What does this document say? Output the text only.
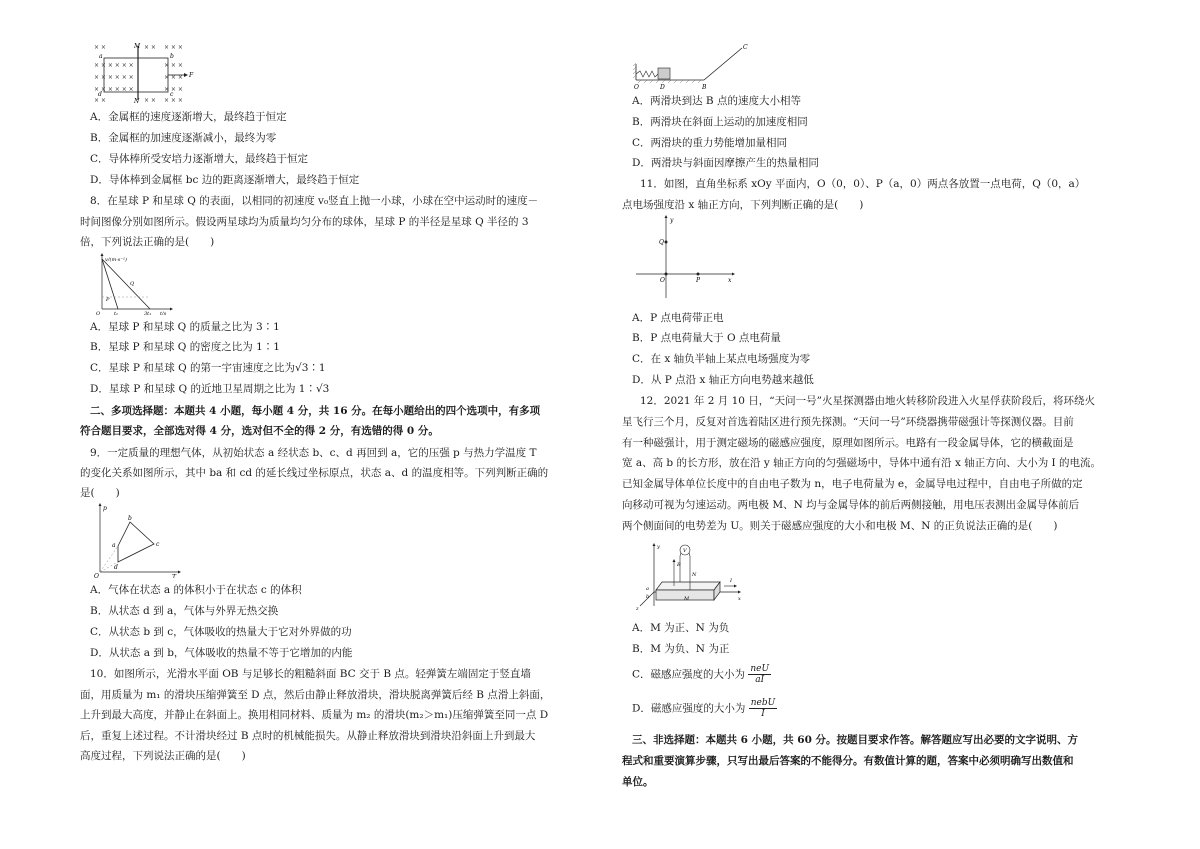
× ×	× × × × ×
× × × × × ×	× × ×
× × × × × ×	× × ×
× × × × × ×	× × ×
× ×	× × × × ×
M
N
a	b
c
d
F
A．金属框的速度逐渐增大，最终趋于恒定
B．金属框的加速度逐渐减小，最终为零
C．导体棒所受安培力逐渐增大，最终趋于恒定
D．导体棒到金属框 bc 边的距离逐渐增大，最终趋于恒定
8．在星球 P 和星球 Q 的表面，以相同的初速度 v₀竖直上抛一小球，小球在空中运动时的速度－
时间图像分别如图所示。假设两星球均为质量均匀分布的球体，星球 P 的半径是星球 Q 半径的 3
倍，下列说法正确的是(　　)
v/(m·s⁻¹)
O	t₁	3t₁
P
Q
t/s
A．星球 P 和星球 Q 的质量之比为 3∶1
B．星球 P 和星球 Q 的密度之比为 1∶1
C．星球 P 和星球 Q 的第一宇宙速度之比为√3∶1
D．星球 P 和星球 Q 的近地卫星周期之比为 1∶√3
二、多项选择题：本题共 4 小题，每小题 4 分，共 16 分。在每小题给出的四个选项中，有多项
符合题目要求，全部选对得 4 分，选对但不全的得 2 分，有选错的得 0 分。
9．一定质量的理想气体，从初始状态 a 经状态 b、c、d 再回到 a，它的压强 p 与热力学温度 T
的变化关系如图所示，其中 ba 和 cd 的延长线过坐标原点，状态 a、d 的温度相等。下列判断正确的
是(　　)
p
T
O
a
b
c
d
A．气体在状态 a 的体积小于在状态 c 的体积
B．从状态 d 到 a，气体与外界无热交换
C．从状态 b 到 c，气体吸收的热量大于它对外界做的功
D．从状态 a 到 b，气体吸收的热量不等于它增加的内能
10．如图所示，光滑水平面 OB 与足够长的粗糙斜面 BC 交于 B 点。轻弹簧左端固定于竖直墙
面，用质量为 m₁ 的滑块压缩弹簧至 D 点，然后由静止释放滑块，滑块脱离弹簧后经 B 点滑上斜面，
上升到最大高度，并静止在斜面上。换用相同材料、质量为 m₂ 的滑块(m₂＞m₁)压缩弹簧至同一点 D
后，重复上述过程。不计滑块经过 B 点时的机械能损失。从静止释放滑块到滑块沿斜面上升到最大
高度过程，下列说法正确的是(　　)
C
O	D	B
A．两滑块到达 B 点的速度大小相等
B．两滑块在斜面上运动的加速度相同
C．两滑块的重力势能增加量相同
D．两滑块与斜面因摩擦产生的热量相同
11．如图，直角坐标系 xOy 平面内，O（0，0）、P（a，0）两点各放置一点电荷，Q（0，a）
点电场强度沿 x 轴正方向，下列判断正确的是(　　)
y
x
O	P
Q
A．P 点电荷带正电
B．P 点电荷量大于 O 点电荷量
C．在 x 轴负半轴上某点电场强度为零
D．从 P 点沿 x 轴正方向电势越来越低
12．2021 年 2 月 10 日，“天问一号”火星探测器由地火转移阶段进入火星俘获阶段后，将环绕火
星飞行三个月，反复对首选着陆区进行预先探测。“天问一号”环绕器携带磁强计等探测仪器。目前
有一种磁强计，用于测定磁场的磁感应强度，原理如图所示。电路有一段金属导体，它的横截面是
宽 a、高 b 的长方形，放在沿 y 轴正方向的匀强磁场中，导体中通有沿 x 轴正方向、大小为 I 的电流。
已知金属导体单位长度中的自由电子数为 n，电子电荷量为 e，金属导电过程中，自由电子所做的定
向移动可视为匀速运动。两电极 M、N 均与金属导体的前后两侧接触，用电压表测出金属导体前后
两个侧面间的电势差为 U。则关于磁感应强度的大小和电极 M、N 的正负说法正确的是(　　)
V
M
N
B
I
a
b	x
y
z
A．M 为正、N 为负
B．M 为负、N 为正
C．磁感应强度的大小为 $\frac{\text{neU}}{aI}$
D．磁感应强度的大小为 $\frac{\text{nebU}}{I}$
三、非选择题：本题共 6 小题，共 60 分。按题目要求作答。解答题应写出必要的文字说明、方
程式和重要演算步骤，只写出最后答案的不能得分。有数值计算的题，答案中必须明确写出数值和
单位。
